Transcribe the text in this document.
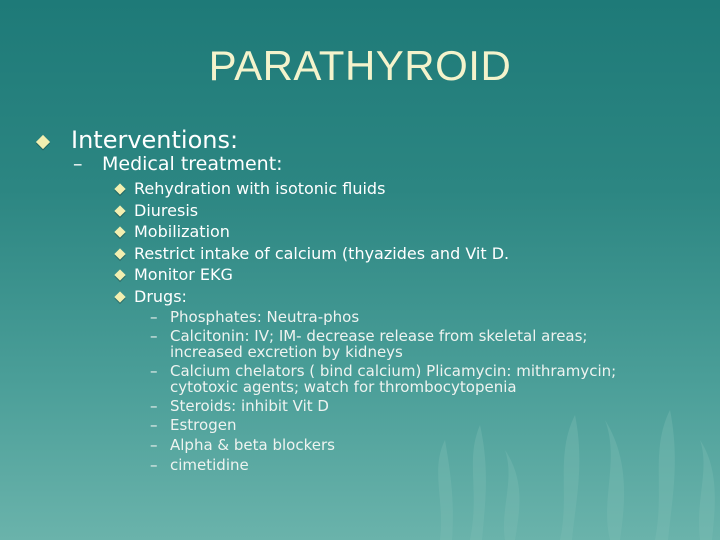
PARATHYROID
Interventions:
– Medical treatment:
Rehydration with isotonic fluids
Diuresis
Mobilization
Restrict intake of calcium (thyazides and Vit D.
Monitor EKG
Drugs:
– Phosphates: Neutra-phos
– Calcitonin: IV; IM- decrease release from skeletal areas;
increased excretion by kidneys
– Calcium chelators ( bind calcium) Plicamycin: mithramycin;
cytotoxic agents; watch for thrombocytopenia
– Steroids: inhibit Vit D
– Estrogen
– Alpha & beta blockers
– cimetidine
